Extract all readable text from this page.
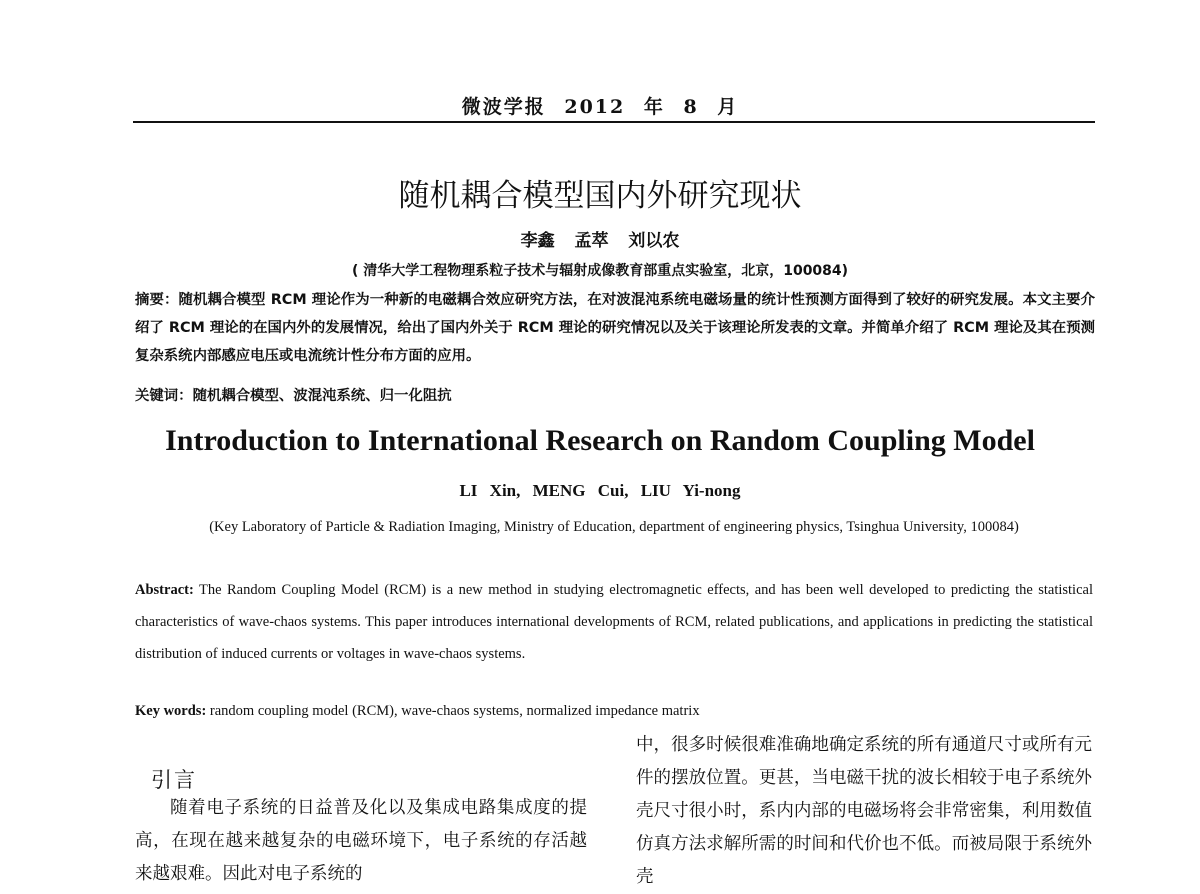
微波学报 2012 年 8 月
随机耦合模型国内外研究现状
李鑫 孟萃 刘以农
( 清华大学工程物理系粒子技术与辐射成像教育部重点实验室，北京，100084)
摘要：随机耦合模型 RCM 理论作为一种新的电磁耦合效应研究方法，在对波混沌系统电磁场量的统计性预测方面得到了较好的研究发展。本文主要介绍了 RCM 理论的在国内外的发展情况，给出了国内外关于 RCM 理论的研究情况以及关于该理论所发表的文章。并简单介绍了 RCM 理论及其在预测复杂系统内部感应电压或电流统计性分布方面的应用。
关键词：随机耦合模型、波混沌系统、归一化阻抗
Introduction to International Research on Random Coupling Model
LI Xin, MENG Cui, LIU Yi-nong
(Key Laboratory of Particle & Radiation Imaging, Ministry of Education, department of engineering physics, Tsinghua University, 100084)
Abstract: The Random Coupling Model (RCM) is a new method in studying electromagnetic effects, and has been well developed to predicting the statistical characteristics of wave-chaos systems. This paper introduces international developments of RCM, related publications, and applications in predicting the statistical distribution of induced currents or voltages in wave-chaos systems.
Key words: random coupling model (RCM), wave-chaos systems, normalized impedance matrix
引言
随着电子系统的日益普及化以及集成电路集成度的提高，在现在越来越复杂的电磁环境下，电子系统的存活越来越艰难。因此对电子系统的
中，很多时候很难准确地确定系统的所有通道尺寸或所有元件的摆放位置。更甚，当电磁干扰的波长相较于电子系统外壳尺寸很小时，系内内部的电磁场将会非常密集，利用数值仿真方法求解所需的时间和代价也不低。而被局限于系统外壳
